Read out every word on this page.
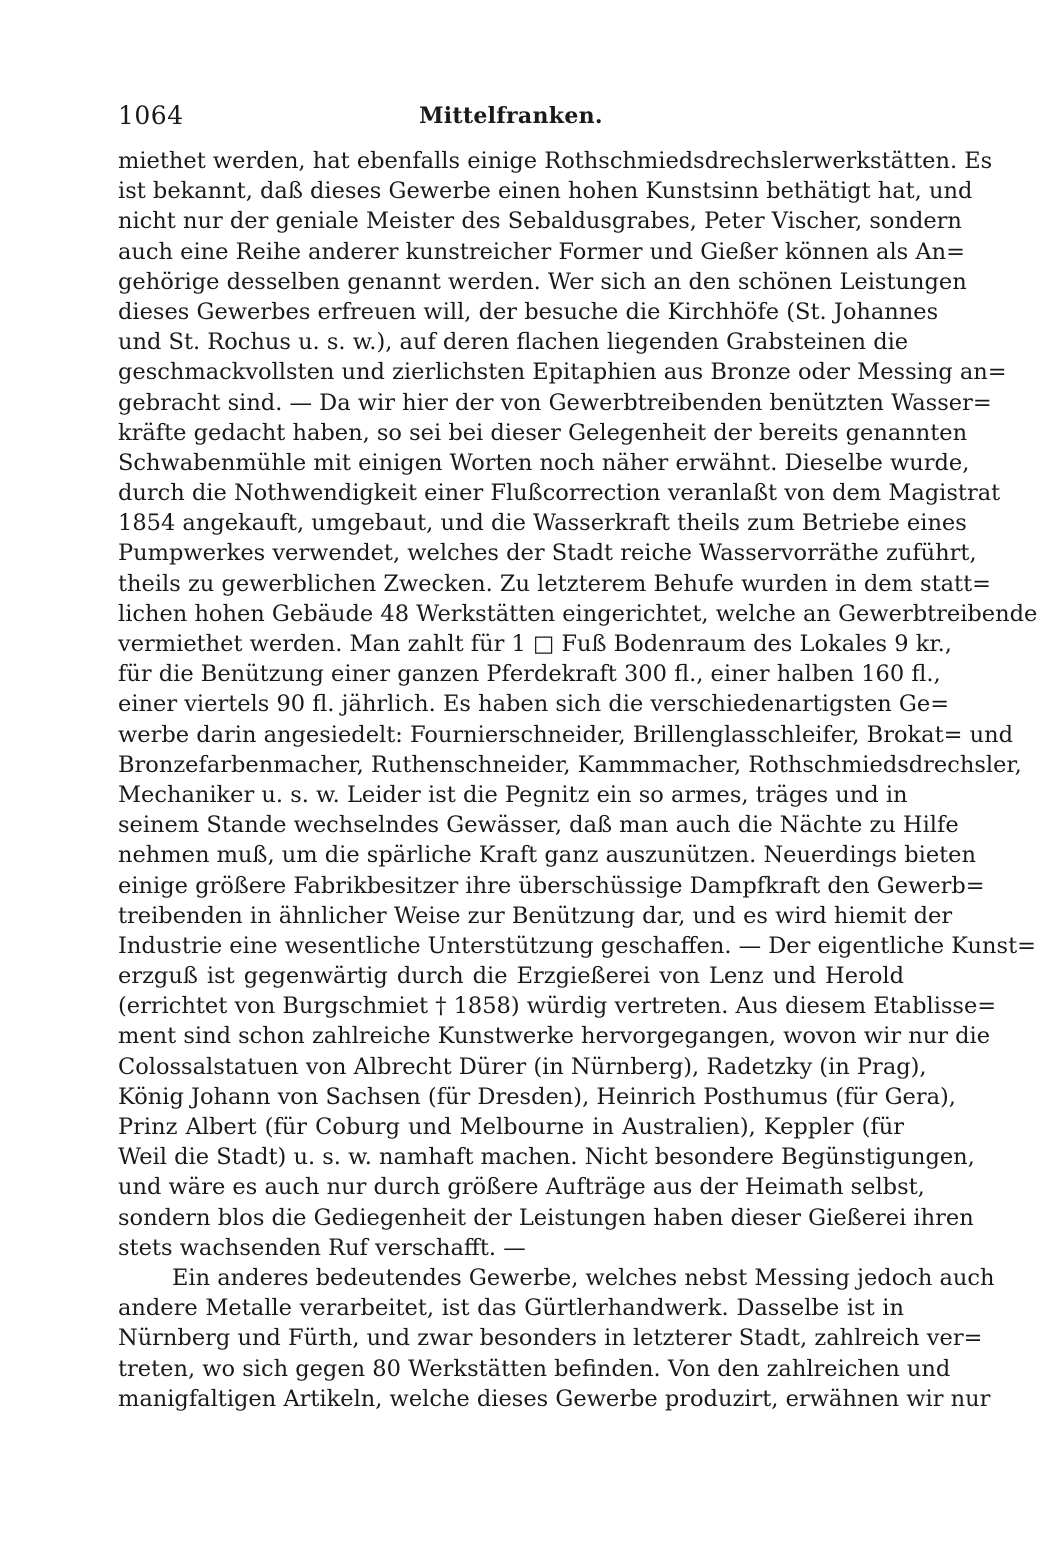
1064	Mittelfranken.
miethet werden, hat ebenfalls einige Rothschmiedsdrechslerwerkstätten. Es
ist bekannt, daß dieses Gewerbe einen hohen Kunstsinn bethätigt hat, und
nicht nur der geniale Meister des Sebaldusgrabes, Peter Vischer, sondern
auch eine Reihe anderer kunstreicher Former und Gießer können als An=
gehörige desselben genannt werden. Wer sich an den schönen Leistungen
dieses Gewerbes erfreuen will, der besuche die Kirchhöfe (St. Johannes
und St. Rochus u. s. w.), auf deren flachen liegenden Grabsteinen die
geschmackvollsten und zierlichsten Epitaphien aus Bronze oder Messing an=
gebracht sind. — Da wir hier der von Gewerbtreibenden benützten Wasser=
kräfte gedacht haben, so sei bei dieser Gelegenheit der bereits genannten
Schwabenmühle mit einigen Worten noch näher erwähnt. Dieselbe wurde,
durch die Nothwendigkeit einer Flußcorrection veranlaßt von dem Magistrat
1854 angekauft, umgebaut, und die Wasserkraft theils zum Betriebe eines
Pumpwerkes verwendet, welches der Stadt reiche Wasservorräthe zuführt,
theils zu gewerblichen Zwecken. Zu letzterem Behufe wurden in dem statt=
lichen hohen Gebäude 48 Werkstätten eingerichtet, welche an Gewerbtreibende
vermiethet werden. Man zahlt für 1 □ Fuß Bodenraum des Lokales 9 kr.,
für die Benützung einer ganzen Pferdekraft 300 fl., einer halben 160 fl.,
einer viertels 90 fl. jährlich. Es haben sich die verschiedenartigsten Ge=
werbe darin angesiedelt: Fournierschneider, Brillenglasschleifer, Brokat= und
Bronzefarbenmacher, Ruthenschneider, Kammmacher, Rothschmiedsdrechsler,
Mechaniker u. s. w. Leider ist die Pegnitz ein so armes, träges und in
seinem Stande wechselndes Gewässer, daß man auch die Nächte zu Hilfe
nehmen muß, um die spärliche Kraft ganz auszunützen. Neuerdings bieten
einige größere Fabrikbesitzer ihre überschüssige Dampfkraft den Gewerb=
treibenden in ähnlicher Weise zur Benützung dar, und es wird hiemit der
Industrie eine wesentliche Unterstützung geschaffen. — Der eigentliche Kunst=
erzguß ist gegenwärtig durch die Erzgießerei von Lenz und Herold
(errichtet von Burgschmiet † 1858) würdig vertreten. Aus diesem Etablisse=
ment sind schon zahlreiche Kunstwerke hervorgegangen, wovon wir nur die
Colossalstatuen von Albrecht Dürer (in Nürnberg), Radetzky (in Prag),
König Johann von Sachsen (für Dresden), Heinrich Posthumus (für Gera),
Prinz Albert (für Coburg und Melbourne in Australien), Keppler (für
Weil die Stadt) u. s. w. namhaft machen. Nicht besondere Begünstigungen,
und wäre es auch nur durch größere Aufträge aus der Heimath selbst,
sondern blos die Gediegenheit der Leistungen haben dieser Gießerei ihren
stets wachsenden Ruf verschafft. —
Ein anderes bedeutendes Gewerbe, welches nebst Messing jedoch auch
andere Metalle verarbeitet, ist das Gürtlerhandwerk. Dasselbe ist in
Nürnberg und Fürth, und zwar besonders in letzterer Stadt, zahlreich ver=
treten, wo sich gegen 80 Werkstätten befinden. Von den zahlreichen und
manigfaltigen Artikeln, welche dieses Gewerbe produzirt, erwähnen wir nur
